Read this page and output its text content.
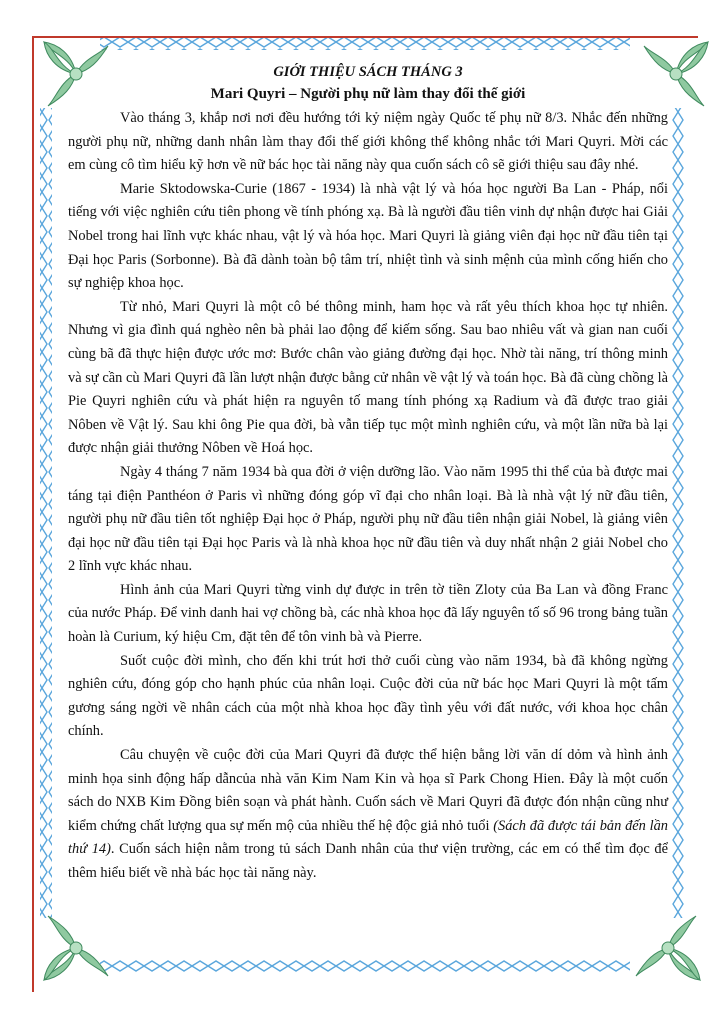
GIỚI THIỆU SÁCH THÁNG 3
Mari Quyri – Người phụ nữ làm thay đổi thế giới

Vào tháng 3, khắp nơi nơi đều hướng tới kỷ niệm ngày Quốc tế phụ nữ 8/3. Nhắc đến những người phụ nữ, những danh nhân làm thay đổi thế giới không thể không nhắc tới Mari Quyri. Mời các em cùng cô tìm hiểu kỹ hơn về nữ bác học tài năng này qua cuốn sách cô sẽ giới thiệu sau đây nhé.

Marie Sktodowska-Curie (1867 - 1934) là nhà vật lý và hóa học người Ba Lan - Pháp, nổi tiếng với việc nghiên cứu tiên phong về tính phóng xạ. Bà là người đầu tiên vinh dự nhận được hai Giải Nobel trong hai lĩnh vực khác nhau, vật lý và hóa học. Mari Quyri là giảng viên đại học nữ đầu tiên tại Đại học Paris (Sorbonne). Bà đã dành toàn bộ tâm trí, nhiệt tình và sinh mệnh của mình cống hiến cho sự nghiệp khoa học.

Từ nhỏ, Mari Quyri là một cô bé thông minh, ham học và rất yêu thích khoa học tự nhiên. Nhưng vì gia đình quá nghèo nên bà phải lao động để kiếm sống. Sau bao nhiêu vất và gian nan cuối cùng bã đã thực hiện được ước mơ: Bước chân vào giảng đường đại học. Nhờ tài năng, trí thông minh và sự cần cù Mari Quyri đã lần lượt nhận được bằng cử nhân về vật lý và toán học. Bà đã cùng chồng là Pie Quyri nghiên cứu và phát hiện ra nguyên tố mang tính phóng xạ Radium và đã được trao giải Nôben về Vật lý. Sau khi ông Pie qua đời, bà vẫn tiếp tục một mình nghiên cứu, và một lần nữa bà lại được nhận giải thưởng Nôben về Hoá học.

Ngày 4 tháng 7 năm 1934 bà qua đời ở viện dưỡng lão. Vào năm 1995 thi thể của bà được mai táng tại điện Panthéon ở Paris vì những đóng góp vĩ đại cho nhân loại. Bà là nhà vật lý nữ đầu tiên, người phụ nữ đầu tiên tốt nghiệp Đại học ở Pháp, người phụ nữ đầu tiên nhận giải Nobel, là giảng viên đại học nữ đầu tiên tại Đại học Paris và là nhà khoa học nữ đầu tiên và duy nhất nhận 2 giải Nobel cho 2 lĩnh vực khác nhau.

Hình ảnh của Mari Quyri từng vinh dự được in trên tờ tiền Zloty của Ba Lan và đồng Franc của nước Pháp. Để vinh danh hai vợ chồng bà, các nhà khoa học đã lấy nguyên tố số 96 trong bảng tuần hoàn là Curium, ký hiệu Cm, đặt tên để tôn vinh bà và Pierre.

Suốt cuộc đời mình, cho đến khi trút hơi thở cuối cùng vào năm 1934, bà đã không ngừng nghiên cứu, đóng góp cho hạnh phúc của nhân loại. Cuộc đời của nữ bác học Mari Quyri là một tấm gương sáng ngời về nhân cách của một nhà khoa học đầy tình yêu với đất nước, với khoa học chân chính.

Câu chuyện về cuộc đời của Mari Quyri đã được thể hiện bằng lời văn dí dỏm và hình ảnh minh họa sinh động hấp dẫncủa nhà văn Kim Nam Kin và họa sĩ Park Chong Hien. Đây là một cuốn sách do NXB Kim Đồng biên soạn và phát hành. Cuốn sách về Mari Quyri đã được đón nhận cũng như kiểm chứng chất lượng qua sự mến mộ của nhiều thế hệ độc giả nhỏ tuổi (Sách đã được tái bản đến lần thứ 14). Cuốn sách hiện nằm trong tủ sách Danh nhân của thư viện trường, các em có thể tìm đọc để thêm hiểu biết về nhà bác học tài năng này.
